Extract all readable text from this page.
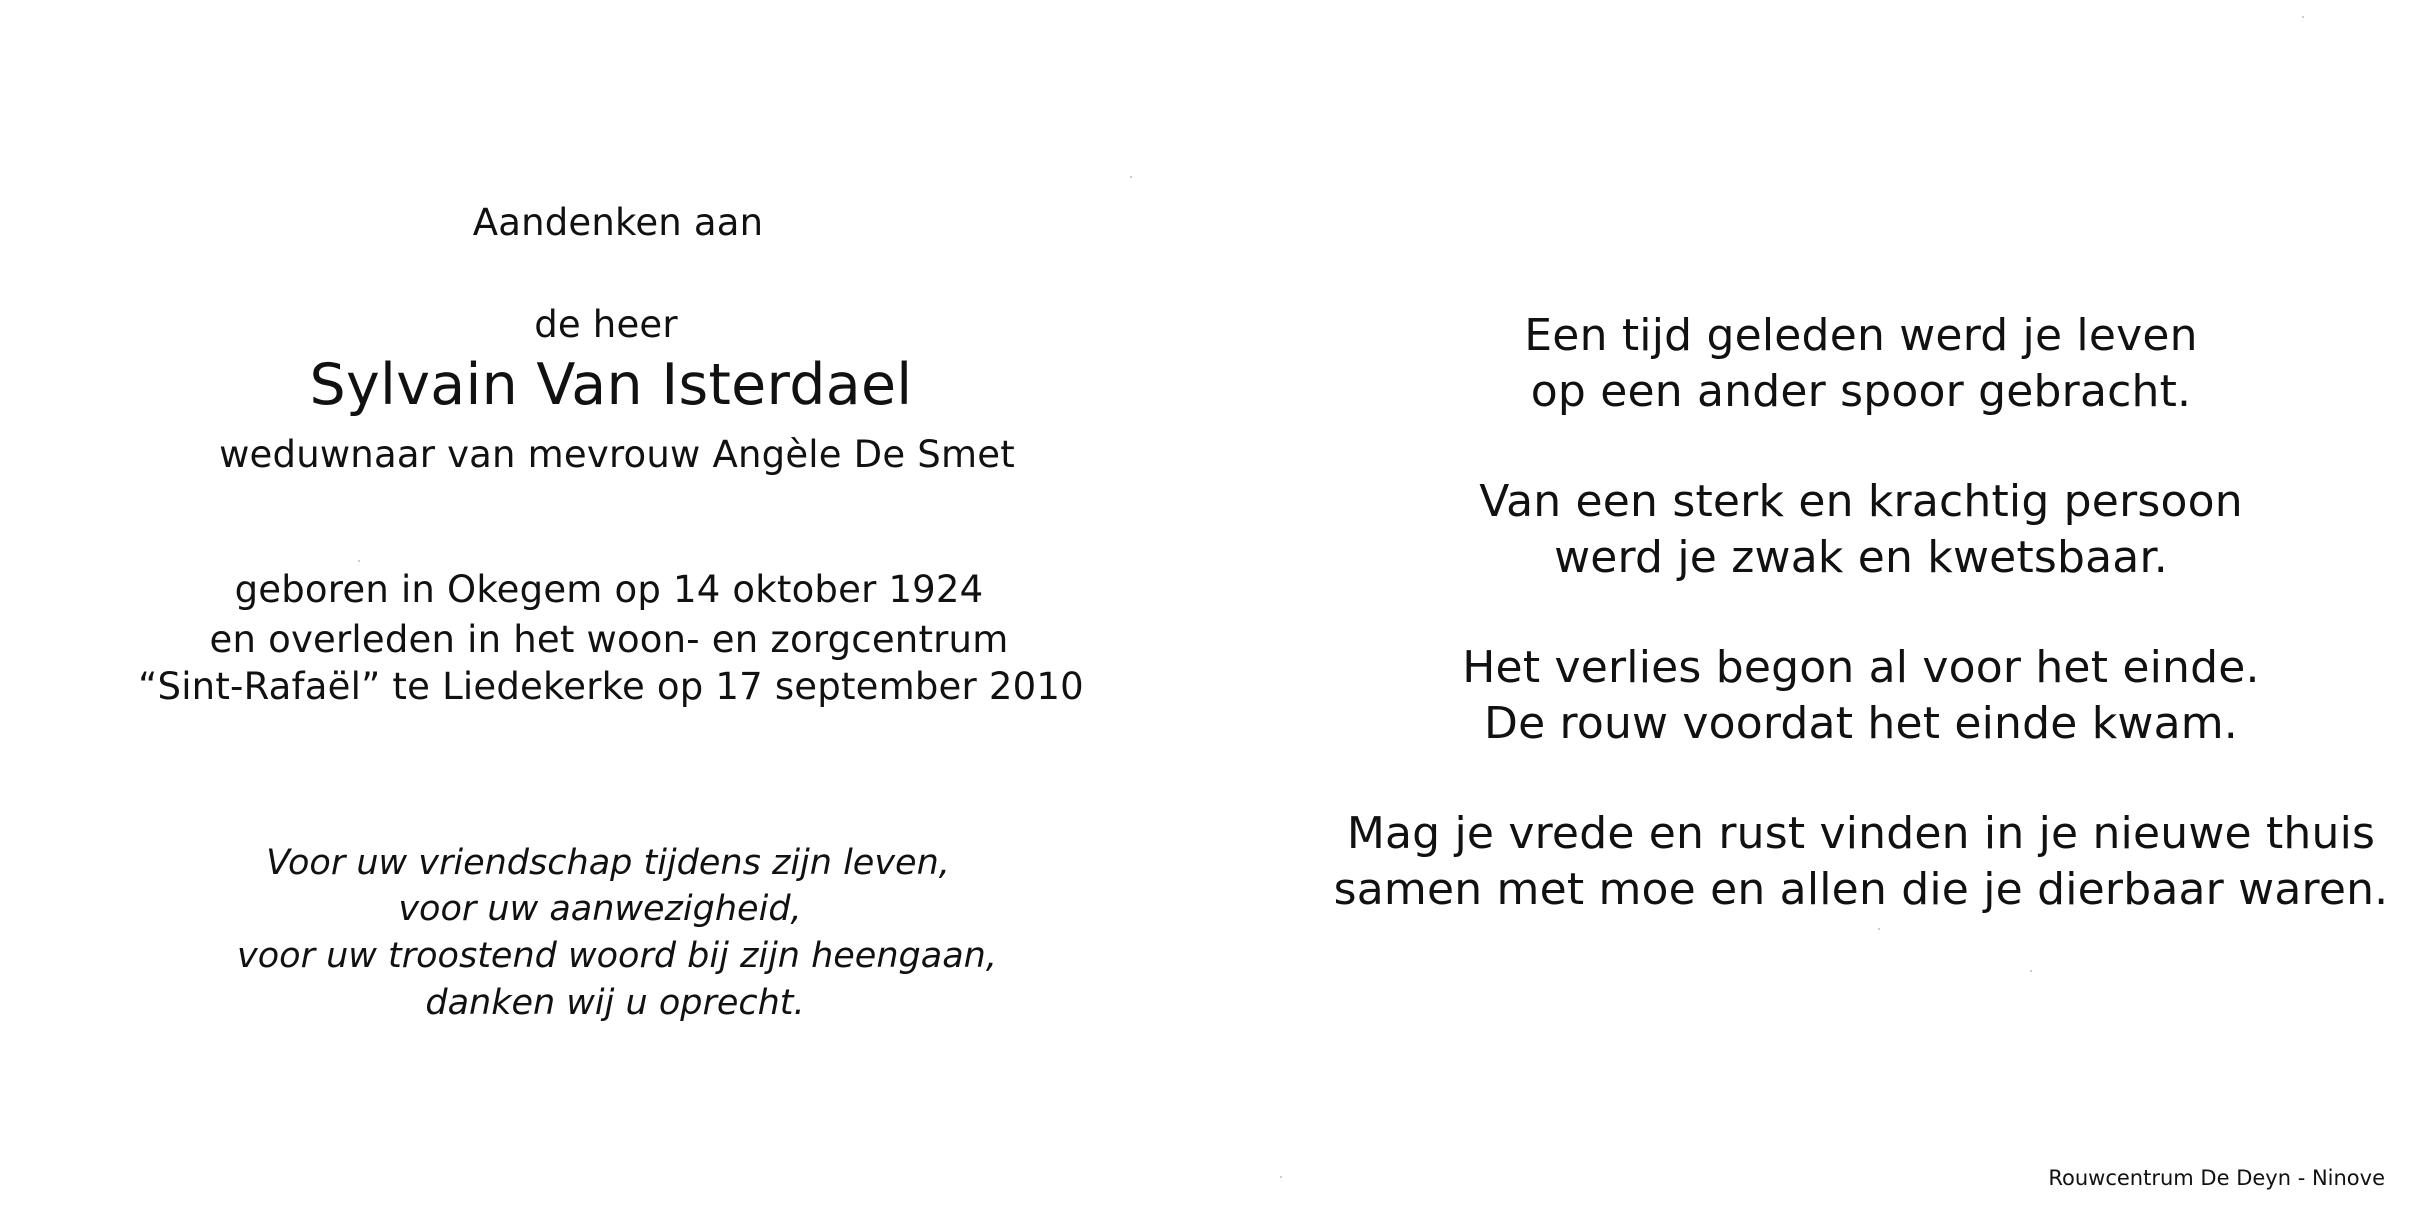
Aandenken aan
de heer
Sylvain Van Isterdael
weduwnaar van mevrouw Angèle De Smet
geboren in Okegem op 14 oktober 1924
en overleden in het woon- en zorgcentrum
“Sint-Rafaël” te Liedekerke op 17 september 2010
Voor uw vriendschap tijdens zijn leven,
voor uw aanwezigheid,
voor uw troostend woord bij zijn heengaan,
danken wij u oprecht.
Een tijd geleden werd je leven
op een ander spoor gebracht.
Van een sterk en krachtig persoon
werd je zwak en kwetsbaar.
Het verlies begon al voor het einde.
De rouw voordat het einde kwam.
Mag je vrede en rust vinden in je nieuwe thuis
samen met moe en allen die je dierbaar waren.
Rouwcentrum De Deyn - Ninove
